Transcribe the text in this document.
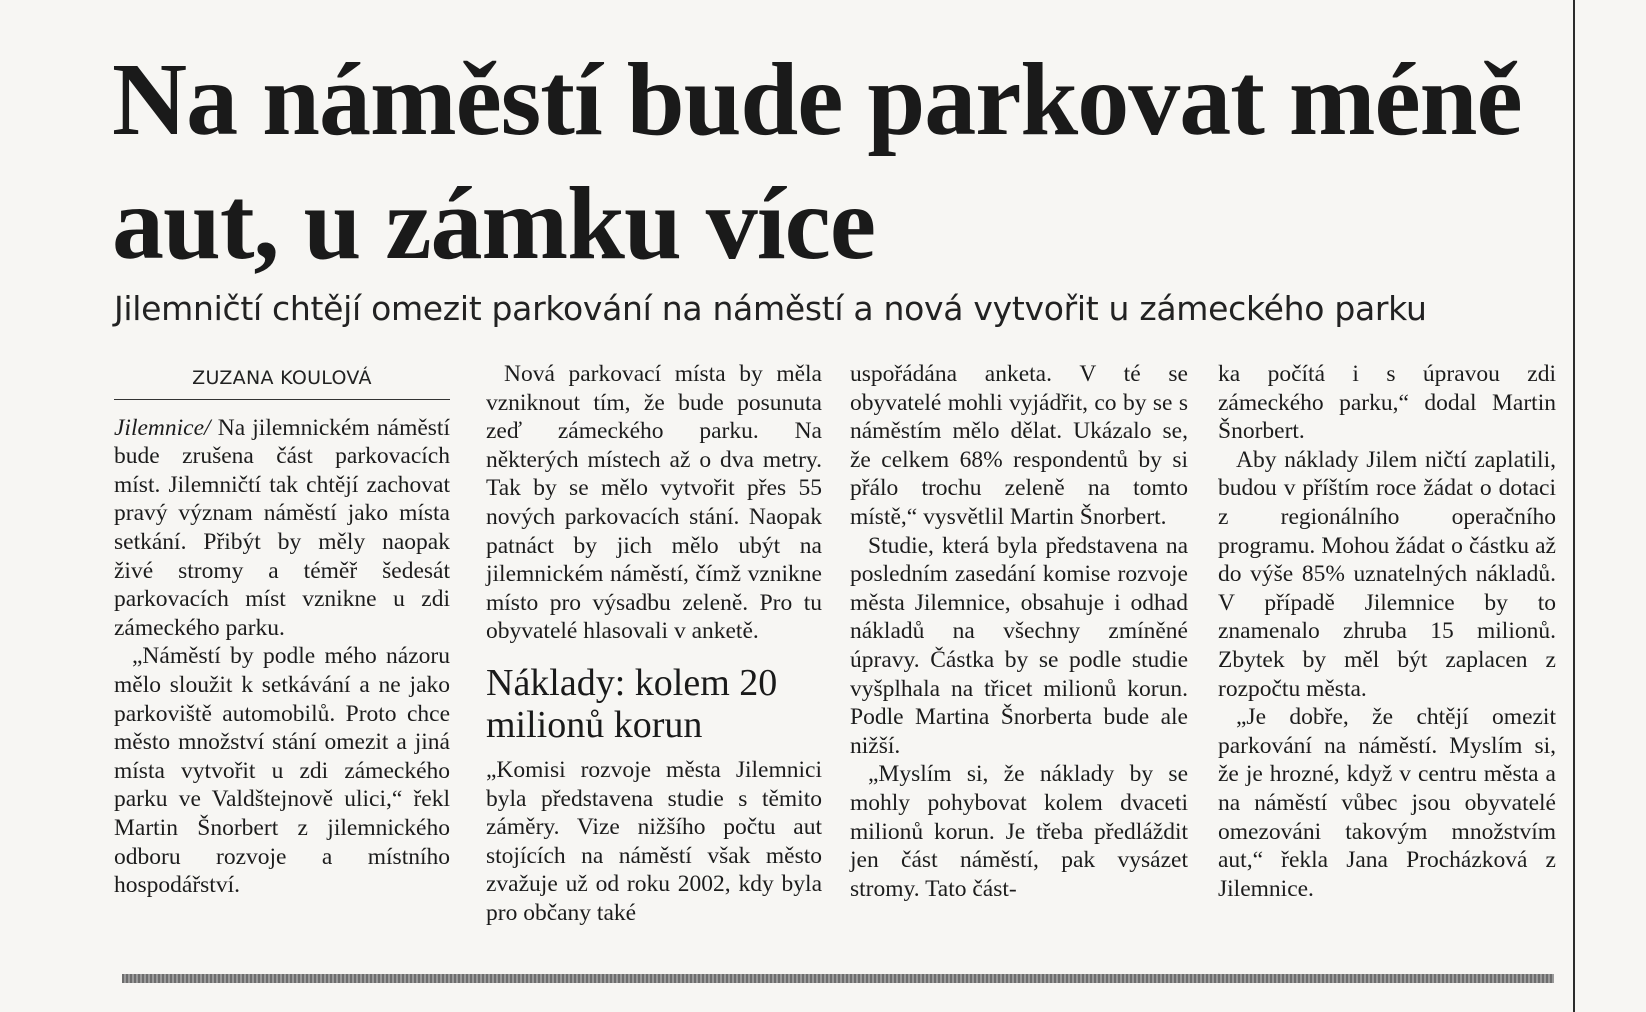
Na náměstí bude parkovat méně aut, u zámku více
Jilemničtí chtějí omezit parkování na náměstí a nová vytvořit u zámeckého parku
ZUZANA KOULOVÁ

Jilemnice/ Na jilemnickém náměstí bude zrušena část parkovacích míst. Jilemničtí tak chtějí zachovat pravý význam náměstí jako místa setkání. Přibýt by měly naopak živé stromy a téměř šedesát parkovacích míst vznikne u zdi zámeckého parku.

„Náměstí by podle mého názoru mělo sloužit k setkávání a ne jako parkoviště automobilů. Proto chce město množství stání omezit a jiná místa vytvořit u zdi zámeckého parku ve Valdštejnově ulici,“ řekl Martin Šnorbert z jilemnického odboru rozvoje a místního hospodářství.

Nová parkovací místa by měla vzniknout tím, že bude posunuta zeď zámeckého parku. Na některých místech až o dva metry. Tak by se mělo vytvořit přes 55 nových parkovacích stání. Naopak patnáct by jich mělo ubýt na jilemnickém náměstí, čímž vznikne místo pro výsadbu zeleně. Pro tu obyvatelé hlasovali v anketě.

Náklady: kolem 20 milionů korun

„Komisi rozvoje města Jilemnici byla představena studie s těmito záměry. Vize nižšího počtu aut stojících na náměstí však město zvažuje už od roku 2002, kdy byla pro občany také

uspořádána anketa. V té se obyvatelé mohli vyjádřit, co by se s náměstím mělo dělat. Ukázalo se, že celkem 68% respondentů by si přálo trochu zeleně na tomto místě,“ vysvětlil Martin Šnorbert.

Studie, která byla představena na posledním zasedání komise rozvoje města Jilemnice, obsahuje i odhad nákladů na všechny zmíněné úpravy. Částka by se podle studie vyšplhala na třicet milionů korun. Podle Martina Šnorberta bude ale nižší.

„Myslím si, že náklady by se mohly pohybovat kolem dvaceti milionů korun. Je třeba předláždit jen část náměstí, pak vysázet stromy. Tato část-

ka počítá i s úpravou zdi zámeckého parku,“ dodal Martin Šnorbert.

Aby náklady Jilem ničtí zaplatili, budou v příštím roce žádat o dotaci z regionálního operačního programu. Mohou žádat o částku až do výše 85% uznatelných nákladů. V případě Jilemnice by to znamenalo zhruba 15 milionů. Zbytek by měl být zaplacen z rozpočtu města.

„Je dobře, že chtějí omezit parkování na náměstí. Myslím si, že je hrozné, když v centru města a na náměstí vůbec jsou obyvatelé omezováni takovým množstvím aut,“ řekla Jana Procházková z Jilemnice.
